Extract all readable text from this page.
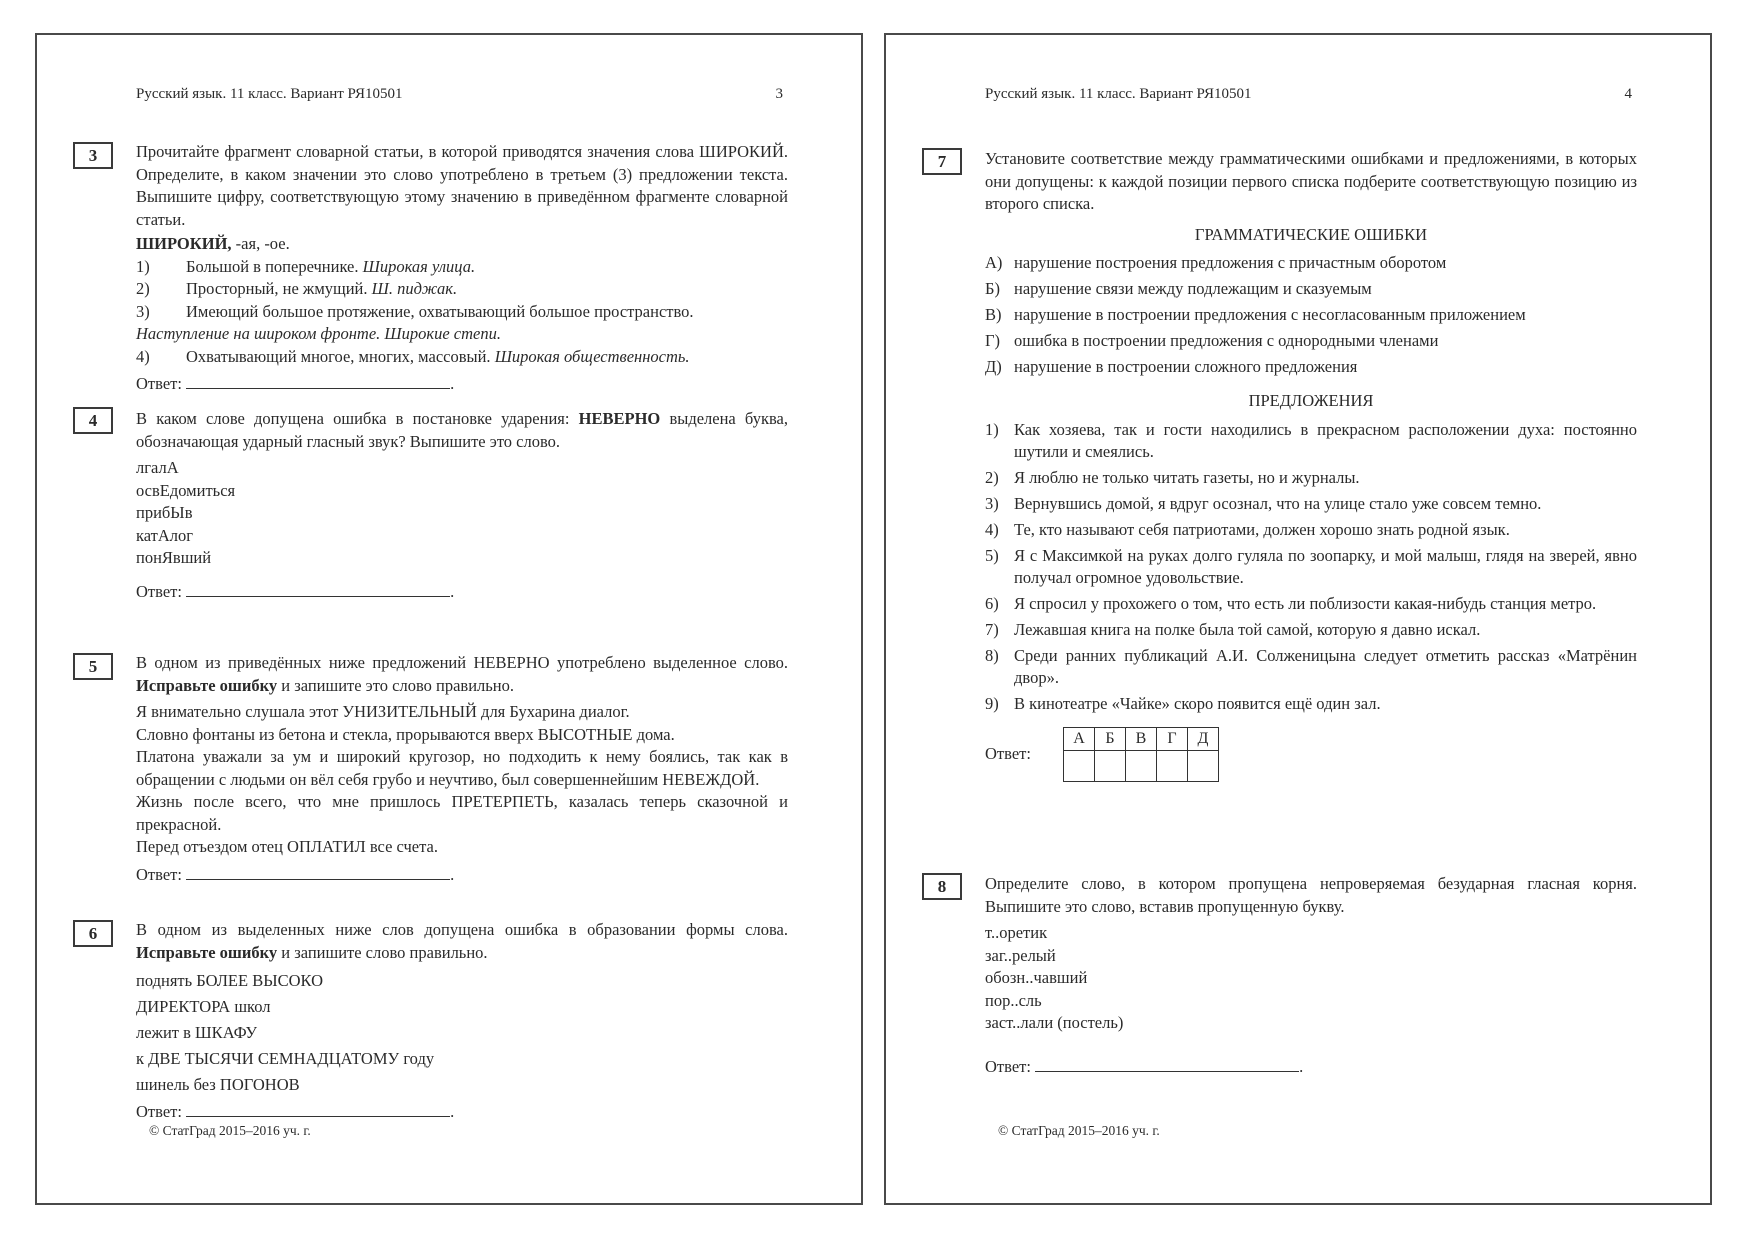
Русский язык. 11 класс. Вариант РЯ10501	3
3	Прочитайте фрагмент словарной статьи, в которой приводятся значения слова ШИРОКИЙ. Определите, в каком значении это слово употреблено в третьем (3) предложении текста. Выпишите цифру, соответствующую этому значению в приведённом фрагменте словарной статьи.

ШИРОКИЙ, -ая, -ое.

1)	Большой в поперечнике. Широкая улица.
2)	Просторный, не жмущий. Ш. пиджак.
3)	Имеющий большое протяжение, охватывающий большое пространство.

Наступление на широком фронте. Широкие степи.

4)	Охватывающий многое, многих, массовый. Широкая общественность.

Ответ:	.

4	В каком слове допущена ошибка в постановке ударения: НЕВЕРНО выделена буква, обозначающая ударный гласный звук? Выпишите это слово.

лгалА

освЕдомиться

прибЫв

катАлог

понЯвший

Ответ:	.

5	В одном из приведённых ниже предложений НЕВЕРНО употреблено выделенное слово. Исправьте ошибку и запишите это слово правильно.

Я внимательно слушала этот УНИЗИТЕЛЬНЫЙ для Бухарина диалог.

Словно фонтаны из бетона и стекла, прорываются вверх ВЫСОТНЫЕ дома.

Платона уважали за ум и широкий кругозор, но подходить к нему боялись, так как в обращении с людьми он вёл себя грубо и неучтиво, был совершеннейшим НЕВЕЖДОЙ.

Жизнь после всего, что мне пришлось ПРЕТЕРПЕТЬ, казалась теперь сказочной и прекрасной.

Перед отъездом отец ОПЛАТИЛ все счета.

Ответ:	.

6	В одном из выделенных ниже слов допущена ошибка в образовании формы слова. Исправьте ошибку и запишите слово правильно.

поднять БОЛЕЕ ВЫСОКО

ДИРЕКТОРА школ

лежит в ШКАФУ

к ДВЕ ТЫСЯЧИ СЕМНАДЦАТОМУ году

шинель без ПОГОНОВ

Ответ:	.

© СтатГрад 2015–2016 уч. г.
Русский язык. 11 класс. Вариант РЯ10501	4
7	Установите соответствие между грамматическими ошибками и предложениями, в которых они допущены: к каждой позиции первого списка подберите соответствующую позицию из второго списка.

ГРАММАТИЧЕСКИЕ ОШИБКИ

А) нарушение построения предложения с причастным оборотом
Б) нарушение связи между подлежащим и сказуемым
В) нарушение в построении предложения с несогласованным приложением
Г) ошибка в построении предложения с однородными членами
Д) нарушение в построении сложного предложения

ПРЕДЛОЖЕНИЯ

1) Как хозяева, так и гости находились в прекрасном расположении духа: постоянно шутили и смеялись.
2) Я люблю не только читать газеты, но и журналы.
3) Вернувшись домой, я вдруг осознал, что на улице стало уже совсем темно.
4) Те, кто называют себя патриотами, должен хорошо знать родной язык.
5) Я с Максимкой на руках долго гуляла по зоопарку, и мой малыш, глядя на зверей, явно получал огромное удовольствие.
6) Я спросил у прохожего о том, что есть ли поблизости какая-нибудь станция метро.
7) Лежавшая книга на полке была той самой, которую я давно искал.
8) Среди ранних публикаций А.И. Солженицына следует отметить рассказ «Матрёнин двор».
9) В кинотеатре «Чайке» скоро появится ещё один зал.
Ответ:
А	Б	В	Г	Д

8	Определите слово, в котором пропущена непроверяемая безударная гласная корня. Выпишите это слово, вставив пропущенную букву.

т..оретик

заг..релый

обозн..чавший

пор..сль

заст..лали (постель)

Ответ:	.

© СтатГрад 2015–2016 уч. г.
